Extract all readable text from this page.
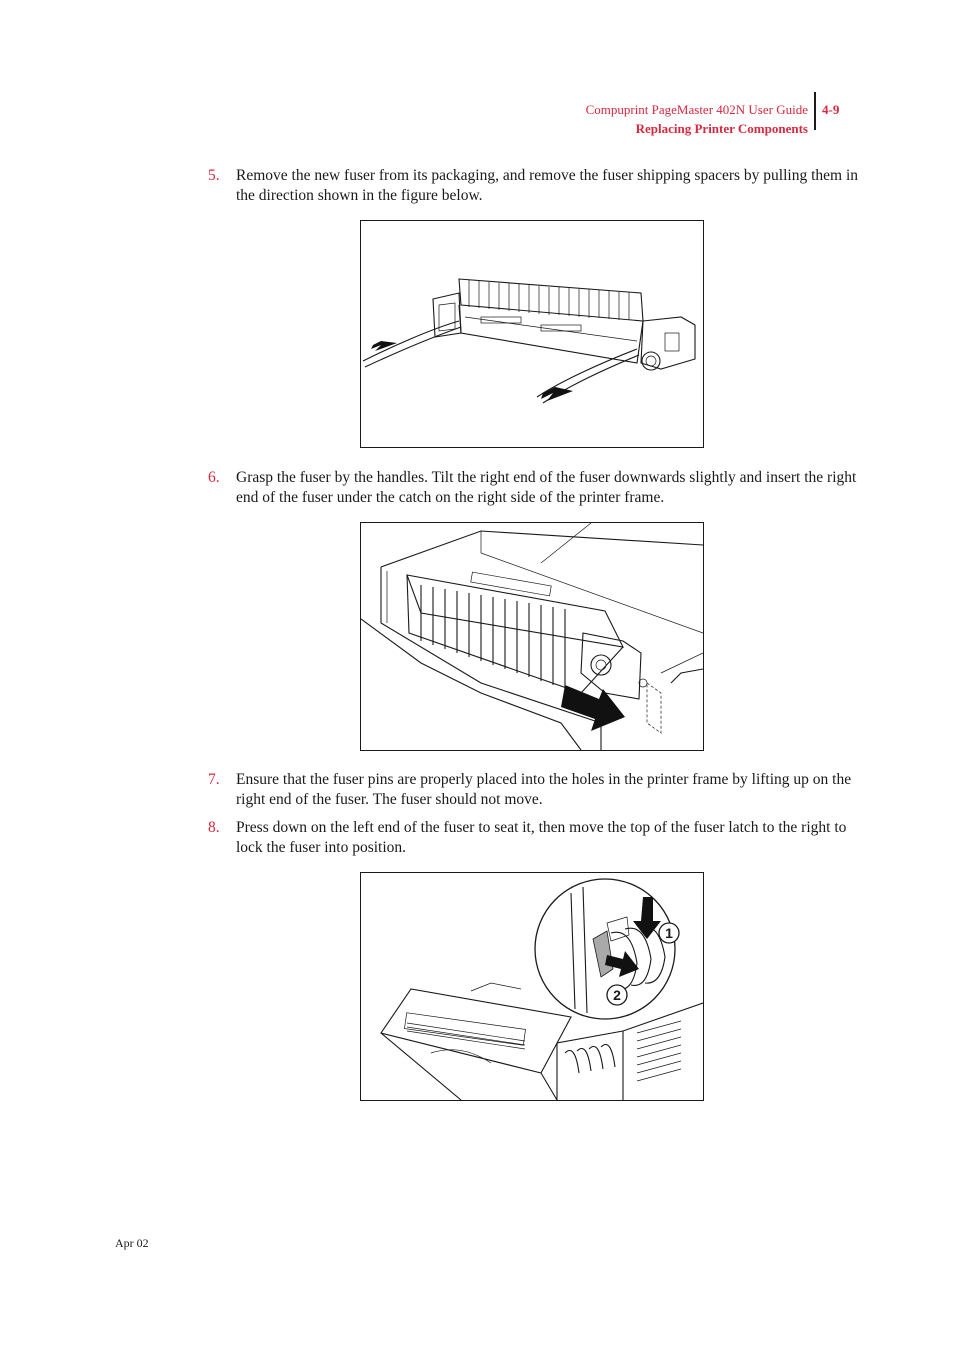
Compuprint PageMaster 402N User Guide
Replacing Printer Components
4-9
5. Remove the new fuser from its packaging, and remove the fuser shipping spacers by pulling them in the direction shown in the figure below.
6. Grasp the fuser by the handles. Tilt the right end of the fuser downwards slightly and insert the right end of the fuser under the catch on the right side of the printer frame.
7. Ensure that the fuser pins are properly placed into the holes in the printer frame by lifting up on the right end of the fuser. The fuser should not move.
8. Press down on the left end of the fuser to seat it, then move the top of the fuser latch to the right to lock the fuser into position.
1
2
Apr 02
